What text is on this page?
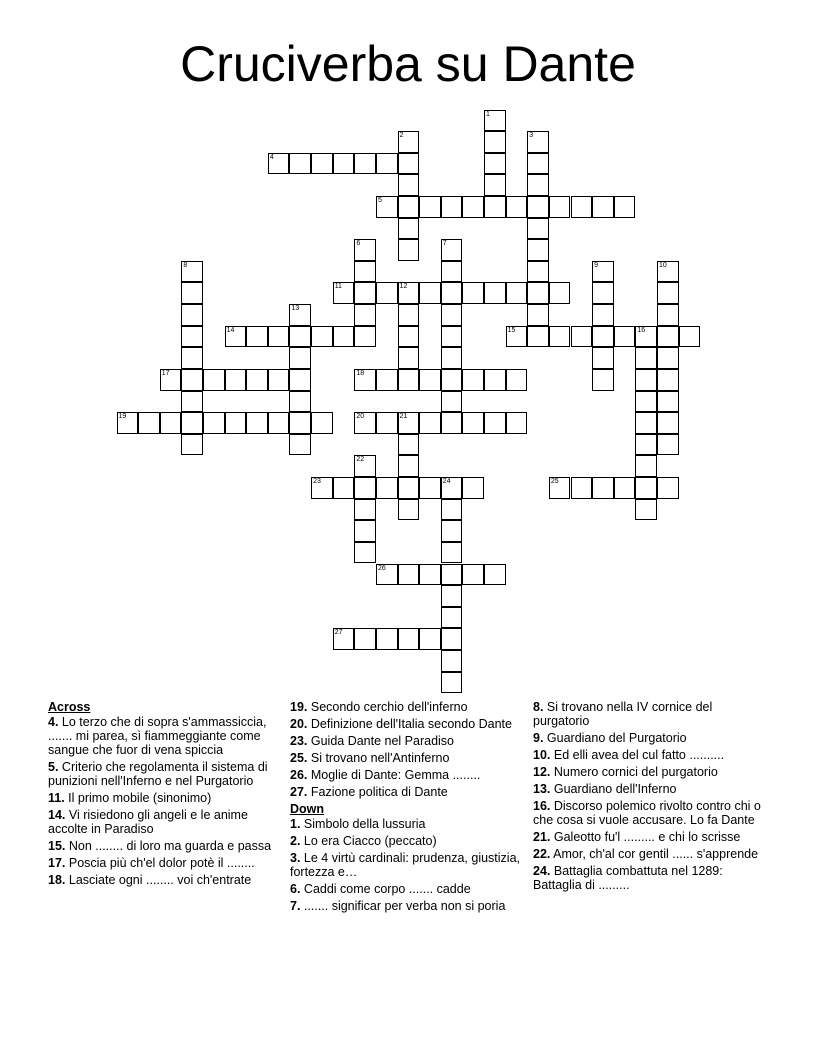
Cruciverba su Dante
1
2	3
4
5
6	7
8	9	10
11	12
13
14	15	16
17	18
19	20	21
22
23	24	25
26
27
Across
4. Lo terzo che di sopra s'ammassiccia, ....... mi parea, sì fiammeggiante come sangue che fuor di vena spiccia
5. Criterio che regolamenta il sistema di punizioni nell'Inferno e nel Purgatorio
11. Il primo mobile (sinonimo)
14. Vi risiedono gli angeli e le anime accolte in Paradiso
15. Non ........ di loro ma guarda e passa
17. Poscia più ch'el dolor potè il ........
18. Lasciate ogni ........ voi ch'entrate
19. Secondo cerchio dell'inferno
20. Definizione dell'Italia secondo Dante
23. Guida Dante nel Paradiso
25. Si trovano nell'Antinferno
26. Moglie di Dante: Gemma ........
27. Fazione politica di Dante
Down
1. Simbolo della lussuria
2. Lo era Ciacco (peccato)
3. Le 4 virtù cardinali: prudenza, giustizia, fortezza e…
6. Caddi come corpo ....... cadde
7. ....... significar per verba non si poria
8. Si trovano nella IV cornice del purgatorio
9. Guardiano del Purgatorio
10. Ed elli avea del cul fatto ..........
12. Numero cornici del purgatorio
13. Guardiano dell'Inferno
16. Discorso polemico rivolto contro chi o che cosa si vuole accusare. Lo fa Dante
21. Galeotto fu'l ......... e chi lo scrisse
22. Amor, ch'al cor gentil ...... s'apprende
24. Battaglia combattuta nel 1289: Battaglia di .........
